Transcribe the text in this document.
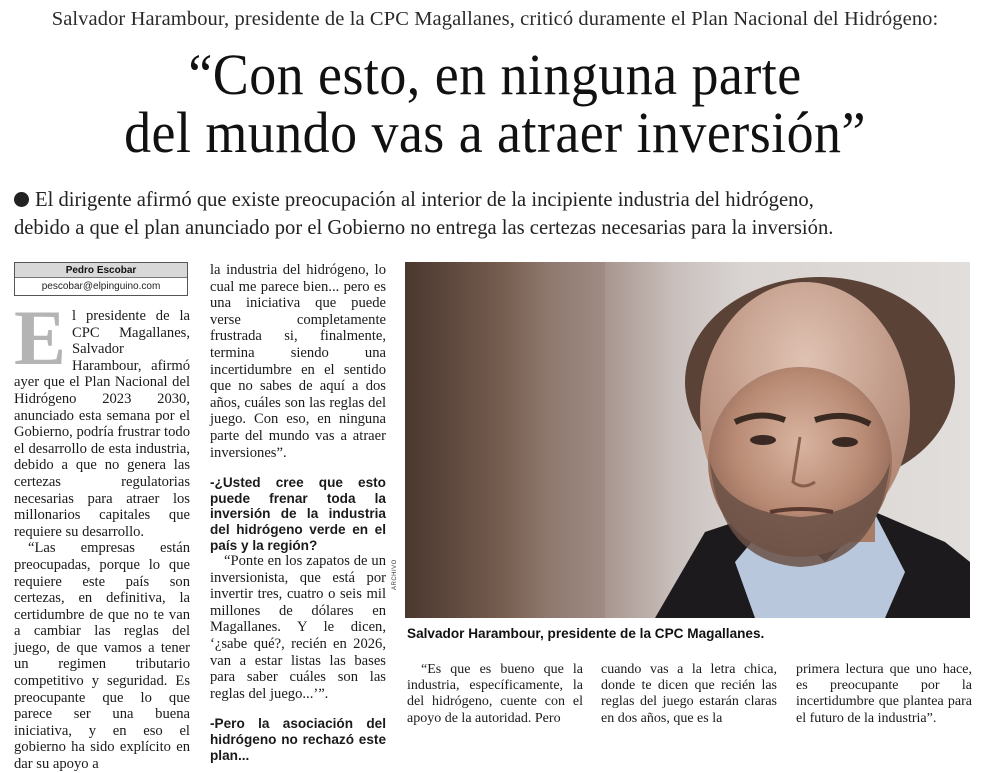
Salvador Harambour, presidente de la CPC Magallanes, criticó duramente el Plan Nacional del Hidrógeno:
“Con esto, en ninguna parte
del mundo vas a atraer inversión”
El dirigente afirmó que existe preocupación al interior de la incipiente industria del hidrógeno,
debido a que el plan anunciado por el Gobierno no entrega las certezas necesarias para la inversión.
Pedro Escobar
pescobar@elpinguino.com

El presidente de la CPC Magallanes, Salvador Harambour, afirmó ayer que el Plan Nacional del Hidrógeno 2023 2030, anunciado esta semana por el Gobierno, podría frustrar todo el desarrollo de esta industria, debido a que no genera las certezas regulatorias necesarias para atraer los millonarios capitales que requiere su desarrollo.

“Las empresas están preocupadas, porque lo que requiere este país son certezas, en definitiva, la certidumbre de que no te van a cambiar las reglas del juego, de que vamos a tener un regimen tributario competitivo y seguridad. Es preocupante que lo que parece ser una buena iniciativa, y en eso el gobierno ha sido explícito en dar su apoyo a

la industria del hidrógeno, lo cual me parece bien... pero es una iniciativa que puede verse completamente frustrada si, finalmente, termina siendo una incertidumbre en el sentido que no sabes de aquí a dos años, cuáles son las reglas del juego. Con eso, en ninguna parte del mundo vas a atraer inversiones”.

-¿Usted cree que esto puede frenar toda la inversión de la industria del hidrógeno verde en el país y la región?

“Ponte en los zapatos de un inversionista, que está por invertir tres, cuatro o seis mil millones de dólares en Magallanes. Y le dicen, ‘¿sabe qué?, recién en 2026, van a estar listas las bases para saber cuáles son las reglas del juego...’”.

-Pero la asociación del hidrógeno no rechazó este plan...

ARCHIVO
Salvador Harambour, presidente de la CPC Magallanes.

“Es que es bueno que la industria, específicamente, la del hidrógeno, cuente con el apoyo de la autoridad. Pero

cuando vas a la letra chica, donde te dicen que recién las reglas del juego estarán claras en dos años, que es la

primera lectura que uno hace, es preocupante por la incertidumbre que plantea para el futuro de la industria”.
